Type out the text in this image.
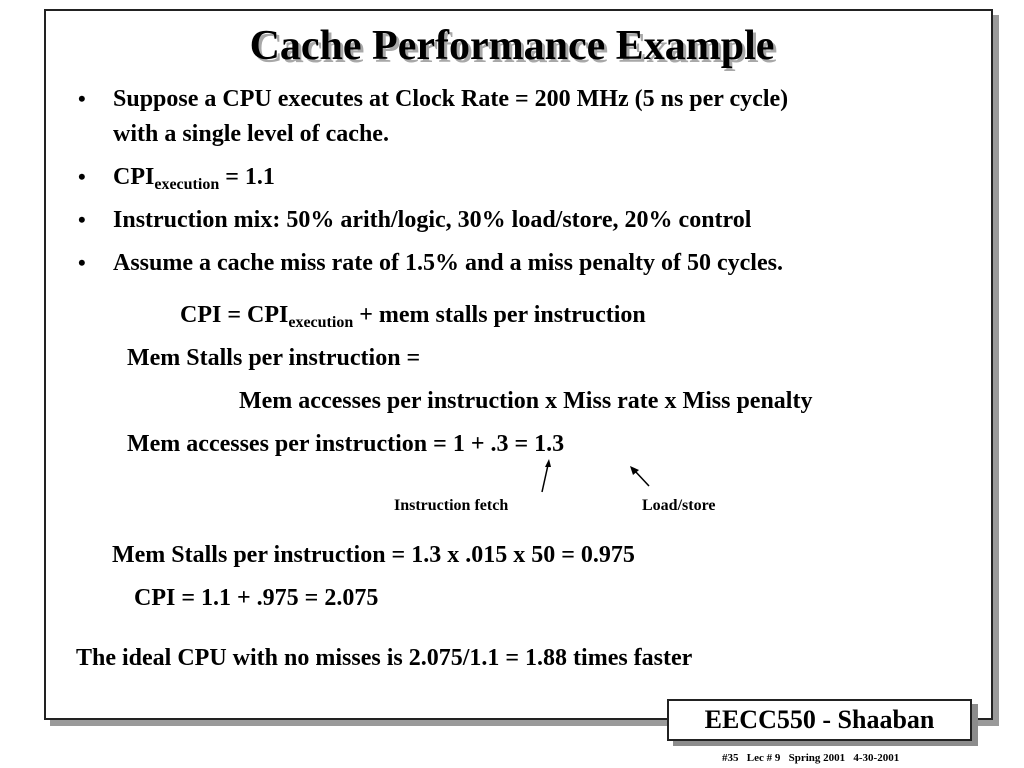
Cache Performance Example
• Suppose a CPU executes at Clock Rate = 200 MHz (5 ns per cycle)
with a single level of cache.
• $CPI_{execution} = 1.1$
• Instruction mix: 50% arith/logic, 30% load/store, 20% control
• Assume a cache miss rate of 1.5% and a miss penalty of 50 cycles.
CPI = $CPI_{execution}$ + mem stalls per instruction
Mem Stalls per instruction =
Mem accesses per instruction x Miss rate x Miss penalty
Mem accesses per instruction = 1 + .3 = 1.3
Instruction fetch	Load/store
Mem Stalls per instruction = 1.3 x .015 x 50 = 0.975
CPI = 1.1 + .975 = 2.075
The ideal CPU with no misses is 2.075/1.1 = 1.88 times faster
EECC550 - Shaaban
#35   Lec # 9   Spring 2001   4-30-2001
